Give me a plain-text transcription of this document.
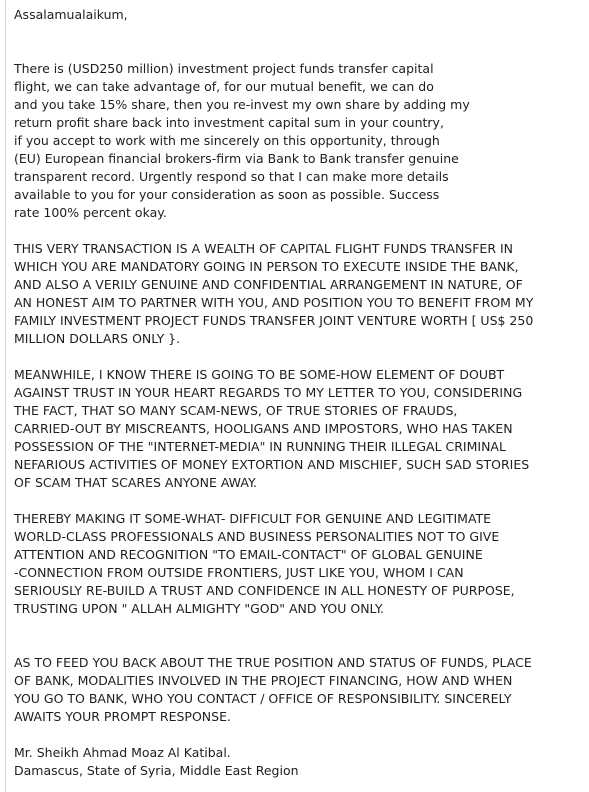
Assalamualaikum,
There is (USD250 million) investment project funds transfer capital
flight, we can take advantage of, for our mutual benefit, we can do
and you take 15% share, then you re-invest my own share by adding my
return profit share back into investment capital sum in your country,
if you accept to work with me sincerely on this opportunity, through
(EU) European financial brokers-firm via Bank to Bank transfer genuine
transparent record. Urgently respond so that I can make more details
available to you for your consideration as soon as possible. Success
rate 100% percent okay.
THIS VERY TRANSACTION IS A WEALTH OF CAPITAL FLIGHT FUNDS TRANSFER IN
WHICH YOU ARE MANDATORY GOING IN PERSON TO EXECUTE INSIDE THE BANK,
AND ALSO A VERILY GENUINE AND CONFIDENTIAL ARRANGEMENT IN NATURE, OF
AN HONEST AIM TO PARTNER WITH YOU, AND POSITION YOU TO BENEFIT FROM MY
FAMILY INVESTMENT PROJECT FUNDS TRANSFER JOINT VENTURE WORTH [ US$ 250
MILLION DOLLARS ONLY }.
MEANWHILE, I KNOW THERE IS GOING TO BE SOME-HOW ELEMENT OF DOUBT
AGAINST TRUST IN YOUR HEART REGARDS TO MY LETTER TO YOU, CONSIDERING
THE FACT, THAT SO MANY SCAM-NEWS, OF TRUE STORIES OF FRAUDS,
CARRIED-OUT BY MISCREANTS, HOOLIGANS AND IMPOSTORS, WHO HAS TAKEN
POSSESSION OF THE "INTERNET-MEDIA" IN RUNNING THEIR ILLEGAL CRIMINAL
NEFARIOUS ACTIVITIES OF MONEY EXTORTION AND MISCHIEF, SUCH SAD STORIES
OF SCAM THAT SCARES ANYONE AWAY.
THEREBY MAKING IT SOME-WHAT- DIFFICULT FOR GENUINE AND LEGITIMATE
WORLD-CLASS PROFESSIONALS AND BUSINESS PERSONALITIES NOT TO GIVE
ATTENTION AND RECOGNITION "TO EMAIL-CONTACT" OF GLOBAL GENUINE
-CONNECTION FROM OUTSIDE FRONTIERS, JUST LIKE YOU, WHOM I CAN
SERIOUSLY RE-BUILD A TRUST AND CONFIDENCE IN ALL HONESTY OF PURPOSE,
TRUSTING UPON " ALLAH ALMIGHTY "GOD" AND YOU ONLY.
AS TO FEED YOU BACK ABOUT THE TRUE POSITION AND STATUS OF FUNDS, PLACE
OF BANK, MODALITIES INVOLVED IN THE PROJECT FINANCING, HOW AND WHEN
YOU GO TO BANK, WHO YOU CONTACT / OFFICE OF RESPONSIBILITY. SINCERELY
AWAITS YOUR PROMPT RESPONSE.
Mr. Sheikh Ahmad Moaz Al Katibal.
Damascus, State of Syria, Middle East Region
